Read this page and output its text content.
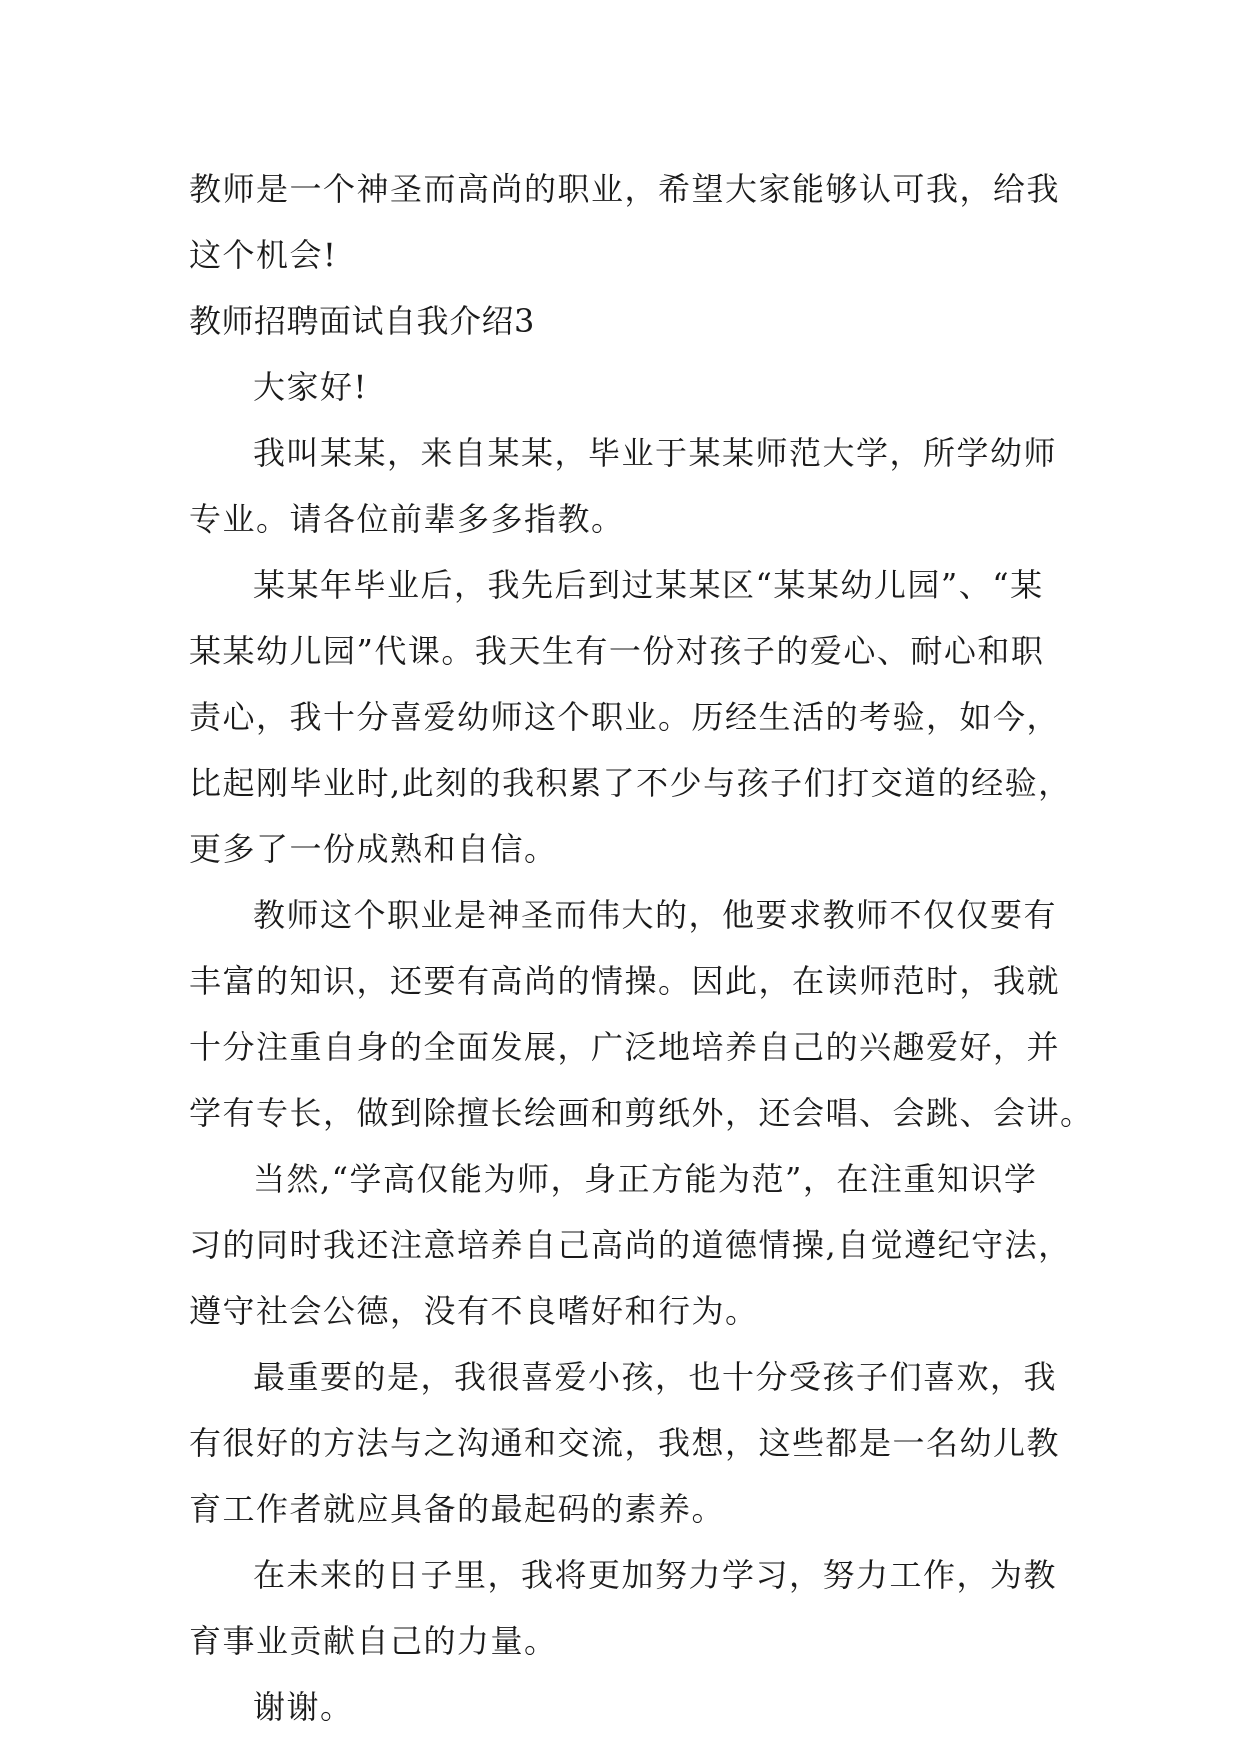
教师是一个神圣而高尚的职业，希望大家能够认可我，给我
这个机会!
教师招聘面试自我介绍3
大家好!
我叫某某，来自某某，毕业于某某师范大学，所学幼师
专业。请各位前辈多多指教。
某某年毕业后，我先后到过某某区“某某幼儿园”、“某
某某幼儿园”代课。我天生有一份对孩子的爱心、耐心和职
责心，我十分喜爱幼师这个职业。历经生活的考验，如今，
比起刚毕业时,此刻的我积累了不少与孩子们打交道的经验，
更多了一份成熟和自信。
教师这个职业是神圣而伟大的，他要求教师不仅仅要有
丰富的知识，还要有高尚的情操。因此，在读师范时，我就
十分注重自身的全面发展，广泛地培养自己的兴趣爱好，并
学有专长，做到除擅长绘画和剪纸外，还会唱、会跳、会讲。
当然,“学高仅能为师，身正方能为范”，在注重知识学
习的同时我还注意培养自己高尚的道德情操,自觉遵纪守法，
遵守社会公德，没有不良嗜好和行为。
最重要的是，我很喜爱小孩，也十分受孩子们喜欢，我
有很好的方法与之沟通和交流，我想，这些都是一名幼儿教
育工作者就应具备的最起码的素养。
在未来的日子里，我将更加努力学习，努力工作，为教
育事业贡献自己的力量。
谢谢。
